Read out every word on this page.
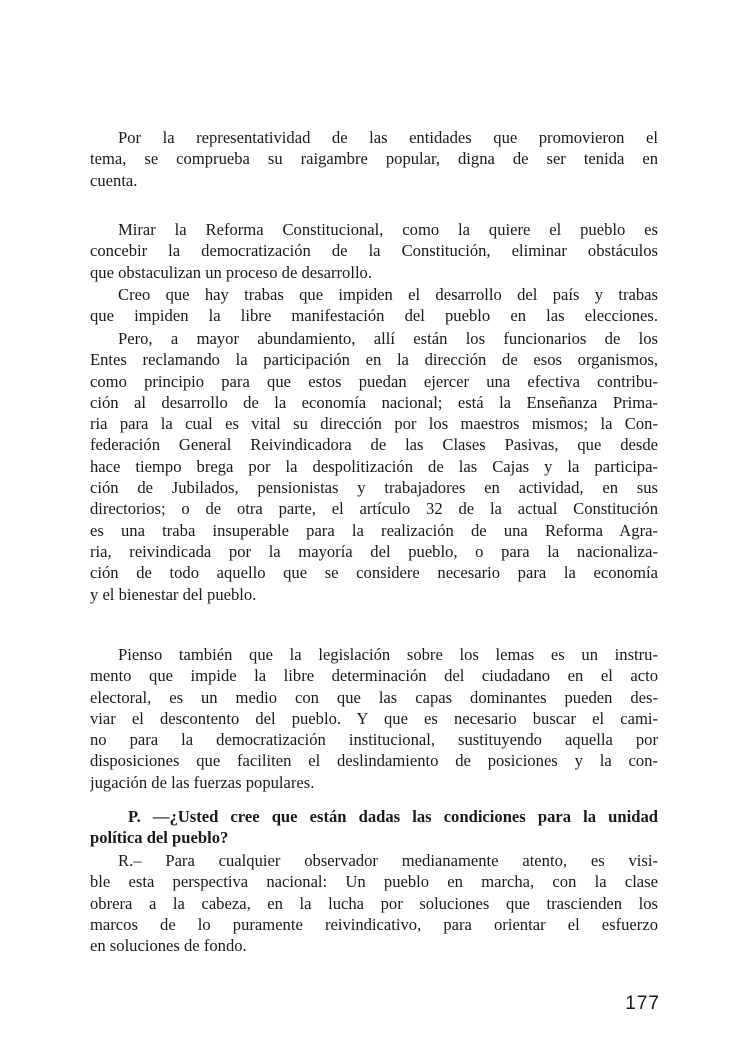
Por la representatividad de las entidades que promovieron el
tema, se comprueba su raigambre popular, digna de ser tenida en
cuenta.
Mirar la Reforma Constitucional, como la quiere el pueblo es
concebir la democratización de la Constitución, eliminar obstáculos
que obstaculizan un proceso de desarrollo.
Creo que hay trabas que impiden el desarrollo del país y trabas
que impiden la libre manifestación del pueblo en las elecciones.
Pero, a mayor abundamiento, allí están los funcionarios de los
Entes reclamando la participación en la dirección de esos organismos,
como principio para que estos puedan ejercer una efectiva contribu-
ción al desarrollo de la economía nacional; está la Enseñanza Prima-
ria para la cual es vital su dirección por los maestros mismos; la Con-
federación General Reivindicadora de las Clases Pasivas, que desde
hace tiempo brega por la despolitización de las Cajas y la participa-
ción de Jubilados, pensionistas y trabajadores en actividad, en sus
directorios; o de otra parte, el artículo 32 de la actual Constitución
es una traba insuperable para la realización de una Reforma Agra-
ria, reivindicada por la mayoría del pueblo, o para la nacionaliza-
ción de todo aquello que se considere necesario para la economía
y el bienestar del pueblo.
Pienso también que la legislación sobre los lemas es un instru-
mento que impide la libre determinación del ciudadano en el acto
electoral, es un medio con que las capas dominantes pueden des-
viar el descontento del pueblo. Y que es necesario buscar el cami-
no para la democratización institucional, sustituyendo aquella por
disposiciones que faciliten el deslindamiento de posiciones y la con-
jugación de las fuerzas populares.
P. —¿Usted cree que están dadas las condiciones para la unidad
política del pueblo?
R.– Para cualquier observador medianamente atento, es visi-
ble esta perspectiva nacional: Un pueblo en marcha, con la clase
obrera a la cabeza, en la lucha por soluciones que trascienden los
marcos de lo puramente reivindicativo, para orientar el esfuerzo
en soluciones de fondo.
177
